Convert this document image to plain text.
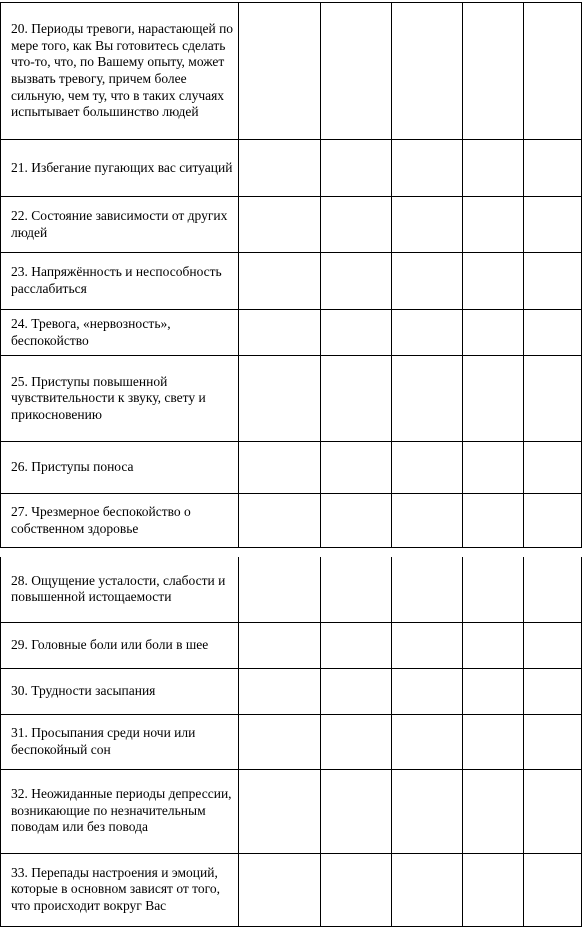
20. Периоды тревоги, нарастающей по мере того, как Вы готовитесь сделать что-то, что, по Вашему опыту, может вызвать тревогу, причем более сильную, чем ту, что в таких случаях испытывает большинство людей					
21. Избегание пугающих вас ситуаций					
22. Состояние зависимости от других людей					
23. Напряжённость и неспособность расслабиться					
24. Тревога, «нервозность», беспокойство					
25. Приступы повышенной чувствительности к звуку, свету и прикосновению					
26. Приступы поноса					
27. Чрезмерное беспокойство о собственном здоровье					
28. Ощущение усталости, слабости и повышенной истощаемости					
29. Головные боли или боли в шее					
30. Трудности засыпания					
31. Просыпания среди ночи или беспокойный сон					
32. Неожиданные периоды депрессии, возникающие по незначительным поводам или без повода					
33. Перепады настроения и эмоций, которые в основном зависят от того, что происходит вокруг Вас					
